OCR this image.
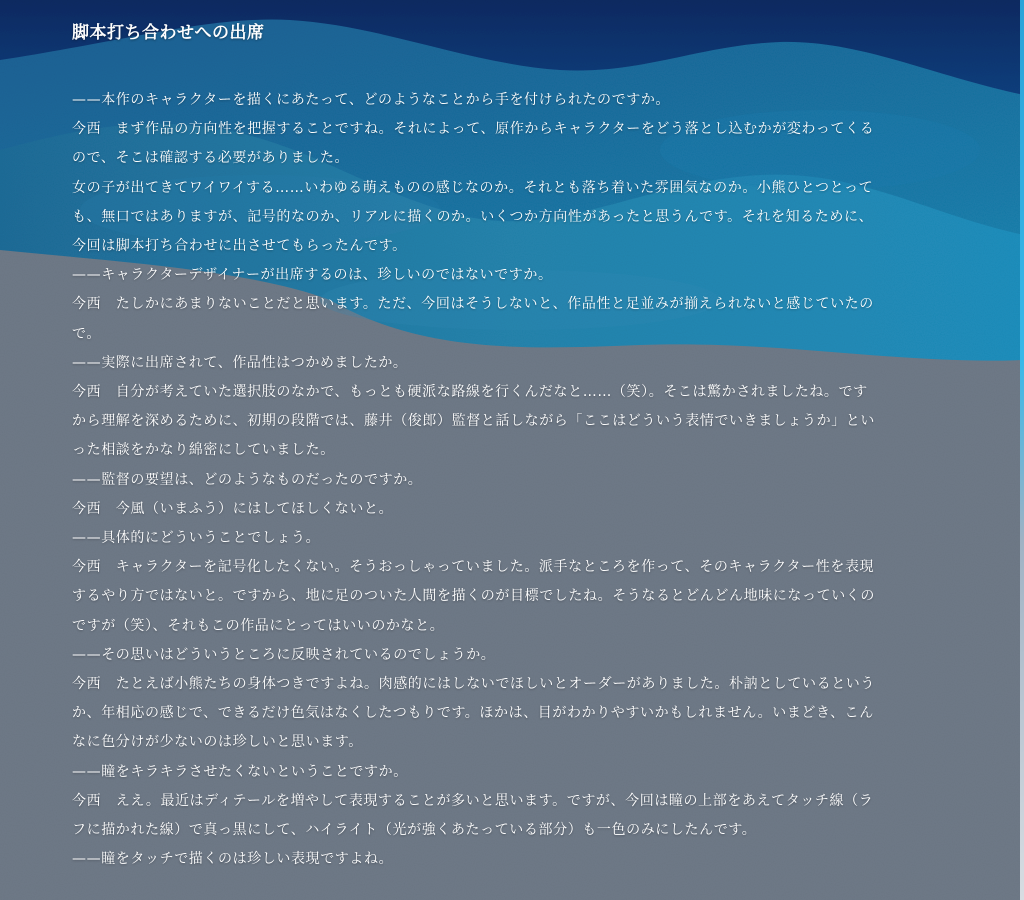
脚本打ち合わせへの出席

——本作のキャラクターを描くにあたって、どのようなことから手を付けられたのですか。

今西　まず作品の方向性を把握することですね。それによって、原作からキャラクターをどう落とし込むかが変わってくる

ので、そこは確認する必要がありました。

女の子が出てきてワイワイする……いわゆる萌えものの感じなのか。それとも落ち着いた雰囲気なのか。小熊ひとつとって

も、無口ではありますが、記号的なのか、リアルに描くのか。いくつか方向性があったと思うんです。それを知るために、

今回は脚本打ち合わせに出させてもらったんです。

——キャラクターデザイナーが出席するのは、珍しいのではないですか。

今西　たしかにあまりないことだと思います。ただ、今回はそうしないと、作品性と足並みが揃えられないと感じていたの

で。

——実際に出席されて、作品性はつかめましたか。

今西　自分が考えていた選択肢のなかで、もっとも硬派な路線を行くんだなと……（笑）。そこは驚かされましたね。です

から理解を深めるために、初期の段階では、藤井（俊郎）監督と話しながら「ここはどういう表情でいきましょうか」とい

った相談をかなり綿密にしていました。

——監督の要望は、どのようなものだったのですか。

今西　今風（いまふう）にはしてほしくないと。

——具体的にどういうことでしょう。

今西　キャラクターを記号化したくない。そうおっしゃっていました。派手なところを作って、そのキャラクター性を表現

するやり方ではないと。ですから、地に足のついた人間を描くのが目標でしたね。そうなるとどんどん地味になっていくの

ですが（笑）、それもこの作品にとってはいいのかなと。

——その思いはどういうところに反映されているのでしょうか。

今西　たとえば小熊たちの身体つきですよね。肉感的にはしないでほしいとオーダーがありました。朴訥としているという

か、年相応の感じで、できるだけ色気はなくしたつもりです。ほかは、目がわかりやすいかもしれません。いまどき、こん

なに色分けが少ないのは珍しいと思います。

——瞳をキラキラさせたくないということですか。

今西　ええ。最近はディテールを増やして表現することが多いと思います。ですが、今回は瞳の上部をあえてタッチ線（ラ

フに描かれた線）で真っ黒にして、ハイライト（光が強くあたっている部分）も一色のみにしたんです。

——瞳をタッチで描くのは珍しい表現ですよね。
